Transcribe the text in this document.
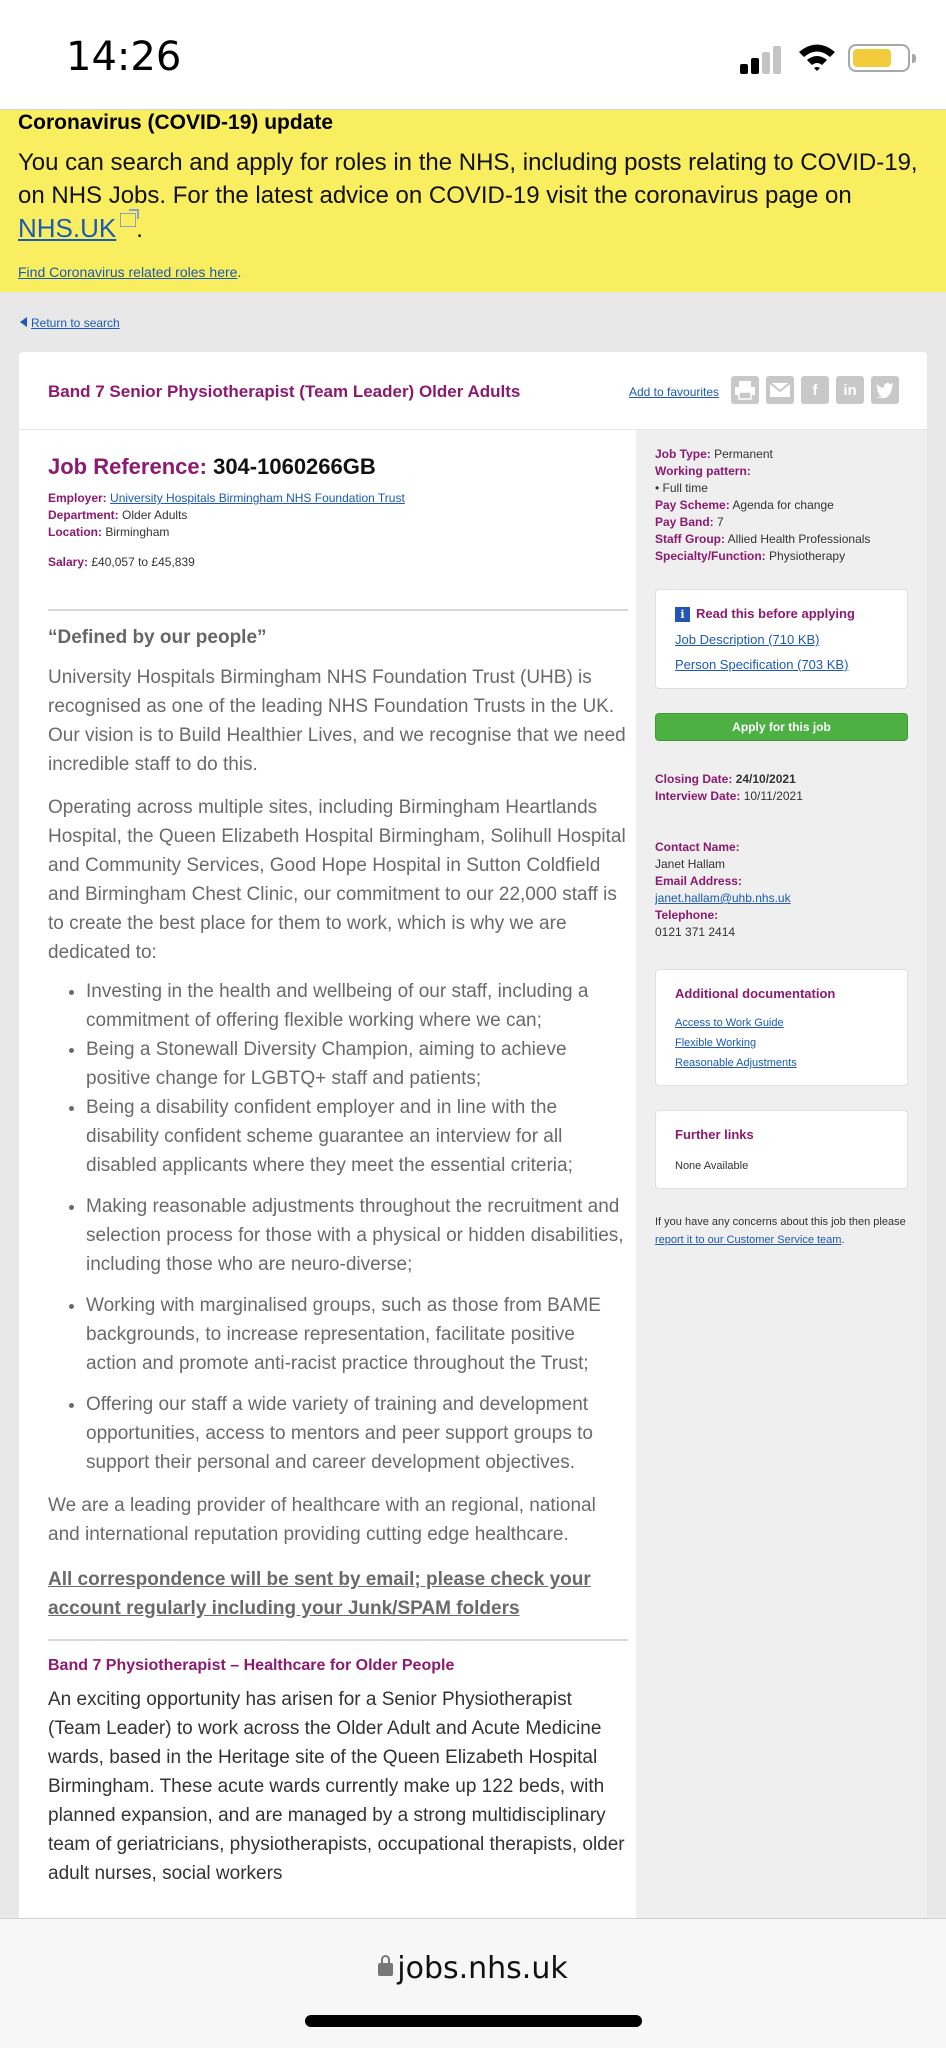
14:26
Coronavirus (COVID-19) update
You can search and apply for roles in the NHS, including posts relating to COVID-19, on NHS Jobs. For the latest advice on COVID-19 visit the coronavirus page on
NHS.UK .
Find Coronavirus related roles here.
Return to search
Band 7 Senior Physiotherapist (Team Leader) Older Adults	Add to favourites	f	in
Job Reference: 304-1060266GB
Employer: University Hospitals Birmingham NHS Foundation Trust
Department: Older Adults
Location: Birmingham
Salary: £40,057 to £45,839
“Defined by our people”

University Hospitals Birmingham NHS Foundation Trust (UHB) is recognised as one of the leading NHS Foundation Trusts in the UK. Our vision is to Build Healthier Lives, and we recognise that we need incredible staff to do this.

Operating across multiple sites, including Birmingham Heartlands Hospital, the Queen Elizabeth Hospital Birmingham, Solihull Hospital and Community Services, Good Hope Hospital in Sutton Coldfield and Birmingham Chest Clinic, our commitment to our 22,000 staff is to create the best place for them to work, which is why we are dedicated to:

• Investing in the health and wellbeing of our staff, including a commitment of offering flexible working where we can;
• Being a Stonewall Diversity Champion, aiming to achieve positive change for LGBTQ+ staff and patients;
• Being a disability confident employer and in line with the disability confident scheme guarantee an interview for all disabled applicants where they meet the essential criteria;
• Making reasonable adjustments throughout the recruitment and selection process for those with a physical or hidden disabilities, including those who are neuro-diverse;
• Working with marginalised groups, such as those from BAME backgrounds, to increase representation, facilitate positive action and promote anti-racist practice throughout the Trust;
• Offering our staff a wide variety of training and development opportunities, access to mentors and peer support groups to support their personal and career development objectives.

We are a leading provider of healthcare with an regional, national and international reputation providing cutting edge healthcare.

All correspondence will be sent by email; please check your account regularly including your Junk/SPAM folders
Band 7 Physiotherapist – Healthcare for Older People

An exciting opportunity has arisen for a Senior Physiotherapist (Team Leader) to work across the Older Adult and Acute Medicine wards, based in the Heritage site of the Queen Elizabeth Hospital Birmingham. These acute wards currently make up 122 beds, with planned expansion, and are managed by a strong multidisciplinary team of geriatricians, physiotherapists, occupational therapists, older adult nurses, social workers

Job Type: Permanent
Working pattern:
• Full time
Pay Scheme: Agenda for change
Pay Band: 7
Staff Group: Allied Health Professionals
Specialty/Function: Physiotherapy
i Read this before applying
Job Description (710 KB)
Person Specification (703 KB)
Apply for this job
Closing Date: 24/10/2021
Interview Date: 10/11/2021
Contact Name:
Janet Hallam
Email Address:
janet.hallam@uhb.nhs.uk
Telephone:
0121 371 2414
Additional documentation
Access to Work Guide
Flexible Working
Reasonable Adjustments
Further links
None Available
If you have any concerns about this job then please report it to our Customer Service team.
jobs.nhs.uk
